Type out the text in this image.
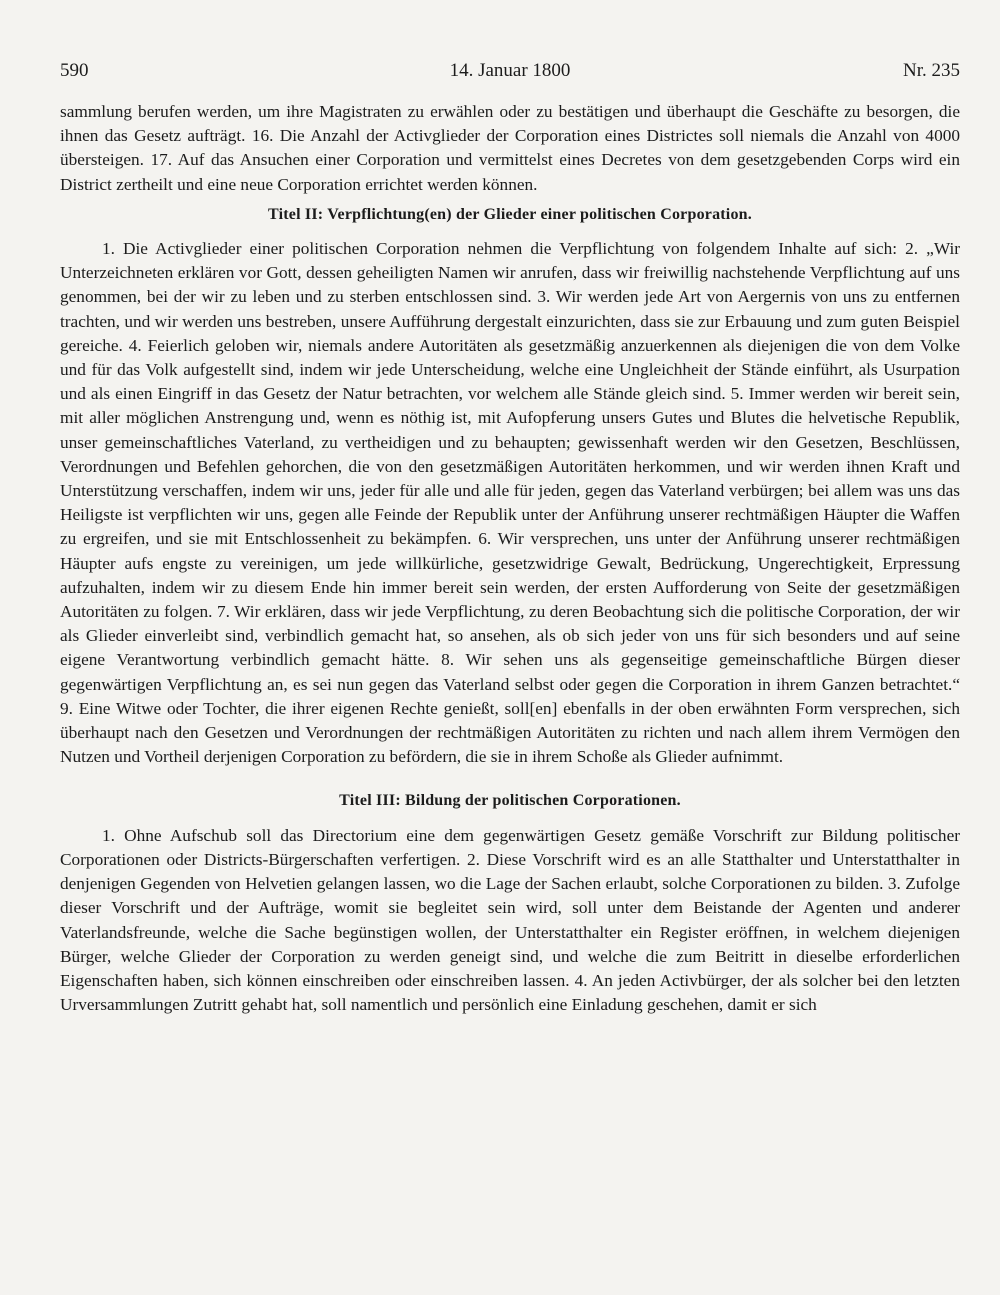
590	14. Januar 1800	Nr. 235

sammlung berufen werden, um ihre Magistraten zu erwählen oder zu bestätigen und überhaupt die Geschäfte zu besorgen, die ihnen das Gesetz aufträgt. 16. Die Anzahl der Activglieder der Corporation eines Districtes soll niemals die Anzahl von 4000 übersteigen. 17. Auf das Ansuchen einer Corporation und vermittelst eines Decretes von dem gesetzgebenden Corps wird ein District zertheilt und eine neue Corporation errichtet werden können.

Titel II: Verpflichtung(en) der Glieder einer politischen Corporation.

1. Die Activglieder einer politischen Corporation nehmen die Verpflichtung von folgendem Inhalte auf sich: 2. „Wir Unterzeichneten erklären vor Gott, dessen geheiligten Namen wir anrufen, dass wir freiwillig nachstehende Verpflichtung auf uns genommen, bei der wir zu leben und zu sterben entschlossen sind. 3. Wir werden jede Art von Aergernis von uns zu entfernen trachten, und wir werden uns bestreben, unsere Aufführung dergestalt einzurichten, dass sie zur Erbauung und zum guten Beispiel gereiche. 4. Feierlich geloben wir, niemals andere Autoritäten als gesetzmäßig anzuerkennen als diejenigen die von dem Volke und für das Volk aufgestellt sind, indem wir jede Unterscheidung, welche eine Ungleichheit der Stände einführt, als Usurpation und als einen Eingriff in das Gesetz der Natur betrachten, vor welchem alle Stände gleich sind. 5. Immer werden wir bereit sein, mit aller möglichen Anstrengung und, wenn es nöthig ist, mit Aufopferung unsers Gutes und Blutes die helvetische Republik, unser gemeinschaftliches Vaterland, zu vertheidigen und zu behaupten; gewissenhaft werden wir den Gesetzen, Beschlüssen, Verordnungen und Befehlen gehorchen, die von den gesetzmäßigen Autoritäten herkommen, und wir werden ihnen Kraft und Unterstützung verschaffen, indem wir uns, jeder für alle und alle für jeden, gegen das Vaterland verbürgen; bei allem was uns das Heiligste ist verpflichten wir uns, gegen alle Feinde der Republik unter der Anführung unserer rechtmäßigen Häupter die Waffen zu ergreifen, und sie mit Entschlossenheit zu bekämpfen. 6. Wir versprechen, uns unter der Anführung unserer rechtmäßigen Häupter aufs engste zu vereinigen, um jede willkürliche, gesetzwidrige Gewalt, Bedrückung, Ungerechtigkeit, Erpressung aufzuhalten, indem wir zu diesem Ende hin immer bereit sein werden, der ersten Aufforderung von Seite der gesetzmäßigen Autoritäten zu folgen. 7. Wir erklären, dass wir jede Verpflichtung, zu deren Beobachtung sich die politische Corporation, der wir als Glieder einverleibt sind, verbindlich gemacht hat, so ansehen, als ob sich jeder von uns für sich besonders und auf seine eigene Verantwortung verbindlich gemacht hätte. 8. Wir sehen uns als gegenseitige gemeinschaftliche Bürgen dieser gegenwärtigen Verpflichtung an, es sei nun gegen das Vaterland selbst oder gegen die Corporation in ihrem Ganzen betrachtet.“ 9. Eine Witwe oder Tochter, die ihrer eigenen Rechte genießt, soll[en] ebenfalls in der oben erwähnten Form versprechen, sich überhaupt nach den Gesetzen und Verordnungen der rechtmäßigen Autoritäten zu richten und nach allem ihrem Vermögen den Nutzen und Vortheil derjenigen Corporation zu befördern, die sie in ihrem Schoße als Glieder aufnimmt.

Titel III: Bildung der politischen Corporationen.

1. Ohne Aufschub soll das Directorium eine dem gegenwärtigen Gesetz gemäße Vorschrift zur Bildung politischer Corporationen oder Districts-Bürgerschaften verfertigen. 2. Diese Vorschrift wird es an alle Statthalter und Unterstatthalter in denjenigen Gegenden von Helvetien gelangen lassen, wo die Lage der Sachen erlaubt, solche Corporationen zu bilden. 3. Zufolge dieser Vorschrift und der Aufträge, womit sie begleitet sein wird, soll unter dem Beistande der Agenten und anderer Vaterlandsfreunde, welche die Sache begünstigen wollen, der Unterstatthalter ein Register eröffnen, in welchem diejenigen Bürger, welche Glieder der Corporation zu werden geneigt sind, und welche die zum Beitritt in dieselbe erforderlichen Eigenschaften haben, sich können einschreiben oder einschreiben lassen. 4. An jeden Activbürger, der als solcher bei den letzten Urversammlungen Zutritt gehabt hat, soll namentlich und persönlich eine Einladung geschehen, damit er sich
